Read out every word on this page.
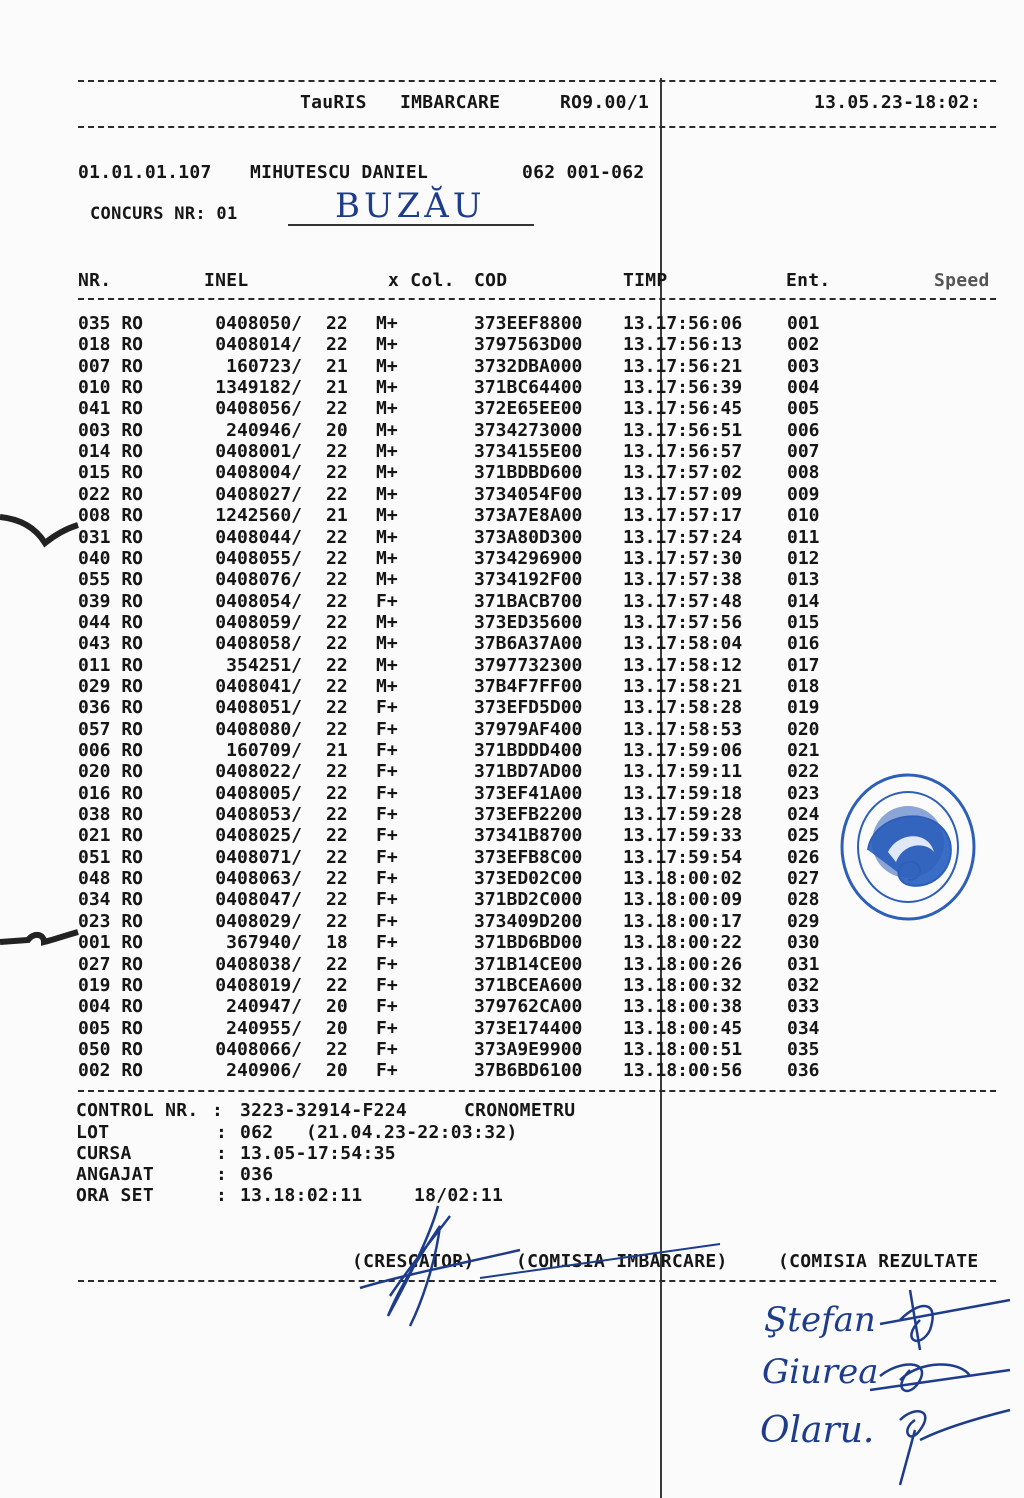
TauRIS IMBARCARE	RO9.00/1	13.05.23-18:02:
01.01.01.107 MIHUTESCU DANIEL	062 001-062
CONCURS NR: 01	BUZĂU
NR.	INEL	x Col. COD	TIMP	Ent.	Speed
035 RO	0408050/ 22	M+	373EEF8800	13.17:56:06	001
018 RO	0408014/ 22	M+	3797563D00	13.17:56:13	002
007 RO	160723/ 21	M+	3732DBA000	13.17:56:21	003
010 RO	1349182/ 21	M+	371BC64400	13.17:56:39	004
041 RO	0408056/ 22	M+	372E65EE00	13.17:56:45	005
003 RO	240946/ 20	M+	3734273000	13.17:56:51	006
014 RO	0408001/ 22	M+	3734155E00	13.17:56:57	007
015 RO	0408004/ 22	M+	371BDBD600	13.17:57:02	008
022 RO	0408027/ 22	M+	3734054F00	13.17:57:09	009
008 RO	1242560/ 21	M+	373A7E8A00	13.17:57:17	010
031 RO	0408044/ 22	M+	373A80D300	13.17:57:24	011
040 RO	0408055/ 22	M+	3734296900	13.17:57:30	012
055 RO	0408076/ 22	M+	3734192F00	13.17:57:38	013
039 RO	0408054/ 22	F+	371BACB700	13.17:57:48	014
044 RO	0408059/ 22	M+	373ED35600	13.17:57:56	015
043 RO	0408058/ 22	M+	37B6A37A00	13.17:58:04	016
011 RO	354251/ 22	M+	3797732300	13.17:58:12	017
029 RO	0408041/ 22	M+	37B4F7FF00	13.17:58:21	018
036 RO	0408051/ 22	F+	373EFD5D00	13.17:58:28	019
057 RO	0408080/ 22	F+	37979AF400	13.17:58:53	020
006 RO	160709/ 21	F+	371BDDD400	13.17:59:06	021
020 RO	0408022/ 22	F+	371BD7AD00	13.17:59:11	022
016 RO	0408005/ 22	F+	373EF41A00	13.17:59:18	023
038 RO	0408053/ 22	F+	373EFB2200	13.17:59:28	024
021 RO	0408025/ 22	F+	37341B8700	13.17:59:33	025
051 RO	0408071/ 22	F+	373EFB8C00	13.17:59:54	026
048 RO	0408063/ 22	F+	373ED02C00	13.18:00:02	027
034 RO	0408047/ 22	F+	371BD2C000	13.18:00:09	028
023 RO	0408029/ 22	F+	373409D200	13.18:00:17	029
001 RO	367940/ 18	F+	371BD6BD00	13.18:00:22	030
027 RO	0408038/ 22	F+	371B14CE00	13.18:00:26	031
019 RO	0408019/ 22	F+	371BCEA600	13.18:00:32	032
004 RO	240947/ 20	F+	379762CA00	13.18:00:38	033
005 RO	240955/ 20	F+	373E174400	13.18:00:45	034
050 RO	0408066/ 22	F+	373A9E9900	13.18:00:51	035
002 RO	240906/ 20	F+	37B6BD6100	13.18:00:56	036
CONTROL NR. : 3223-32914-F224	CRONOMETRU
LOT	: 062 (21.04.23-22:03:32)
CURSA	: 13.05-17:54:35
ANGAJAT	: 036
ORA SET	: 13.18:02:11	18/02:11
(CRESCATOR) (COMISIA IMBARCARE)	(COMISIA REZULTATE
Ştefan
Giurea
Olaru.
